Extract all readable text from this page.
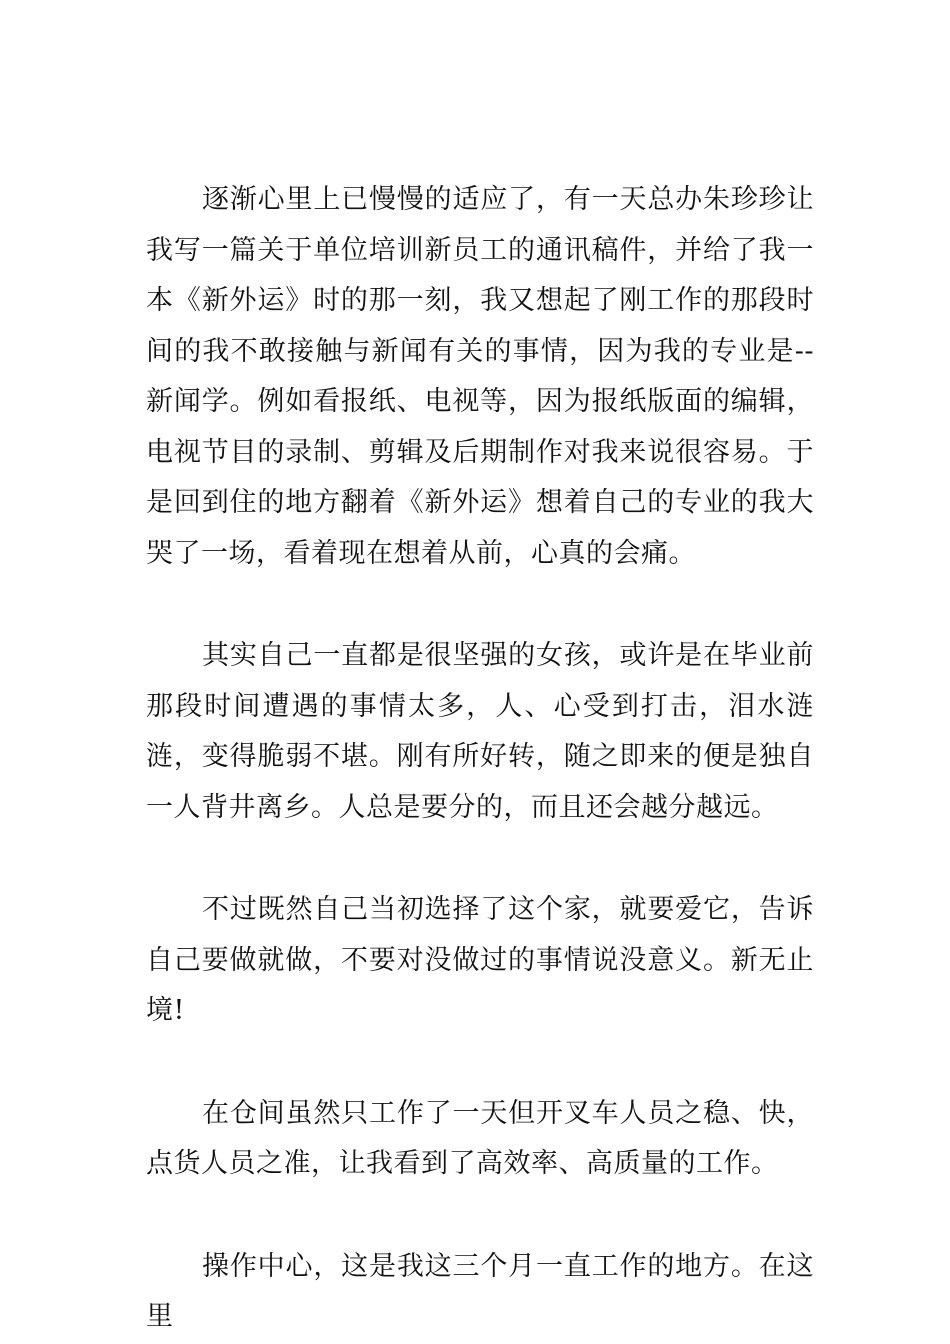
逐渐心里上已慢慢的适应了，有一天总办朱珍珍让我写一篇关于单位培训新员工的通讯稿件，并给了我一本《新外运》时的那一刻，我又想起了刚工作的那段时间的我不敢接触与新闻有关的事情，因为我的专业是--新闻学。例如看报纸、电视等，因为报纸版面的编辑，电视节目的录制、剪辑及后期制作对我来说很容易。于是回到住的地方翻着《新外运》想着自己的专业的我大哭了一场，看着现在想着从前，心真的会痛。

其实自己一直都是很坚强的女孩，或许是在毕业前那段时间遭遇的事情太多，人、心受到打击，泪水涟涟，变得脆弱不堪。刚有所好转，随之即来的便是独自一人背井离乡。人总是要分的，而且还会越分越远。

不过既然自己当初选择了这个家，就要爱它，告诉自己要做就做，不要对没做过的事情说没意义。新无止境!

在仓间虽然只工作了一天但开叉车人员之稳、快，点货人员之准，让我看到了高效率、高质量的工作。

操作中心，这是我这三个月一直工作的地方。在这里
